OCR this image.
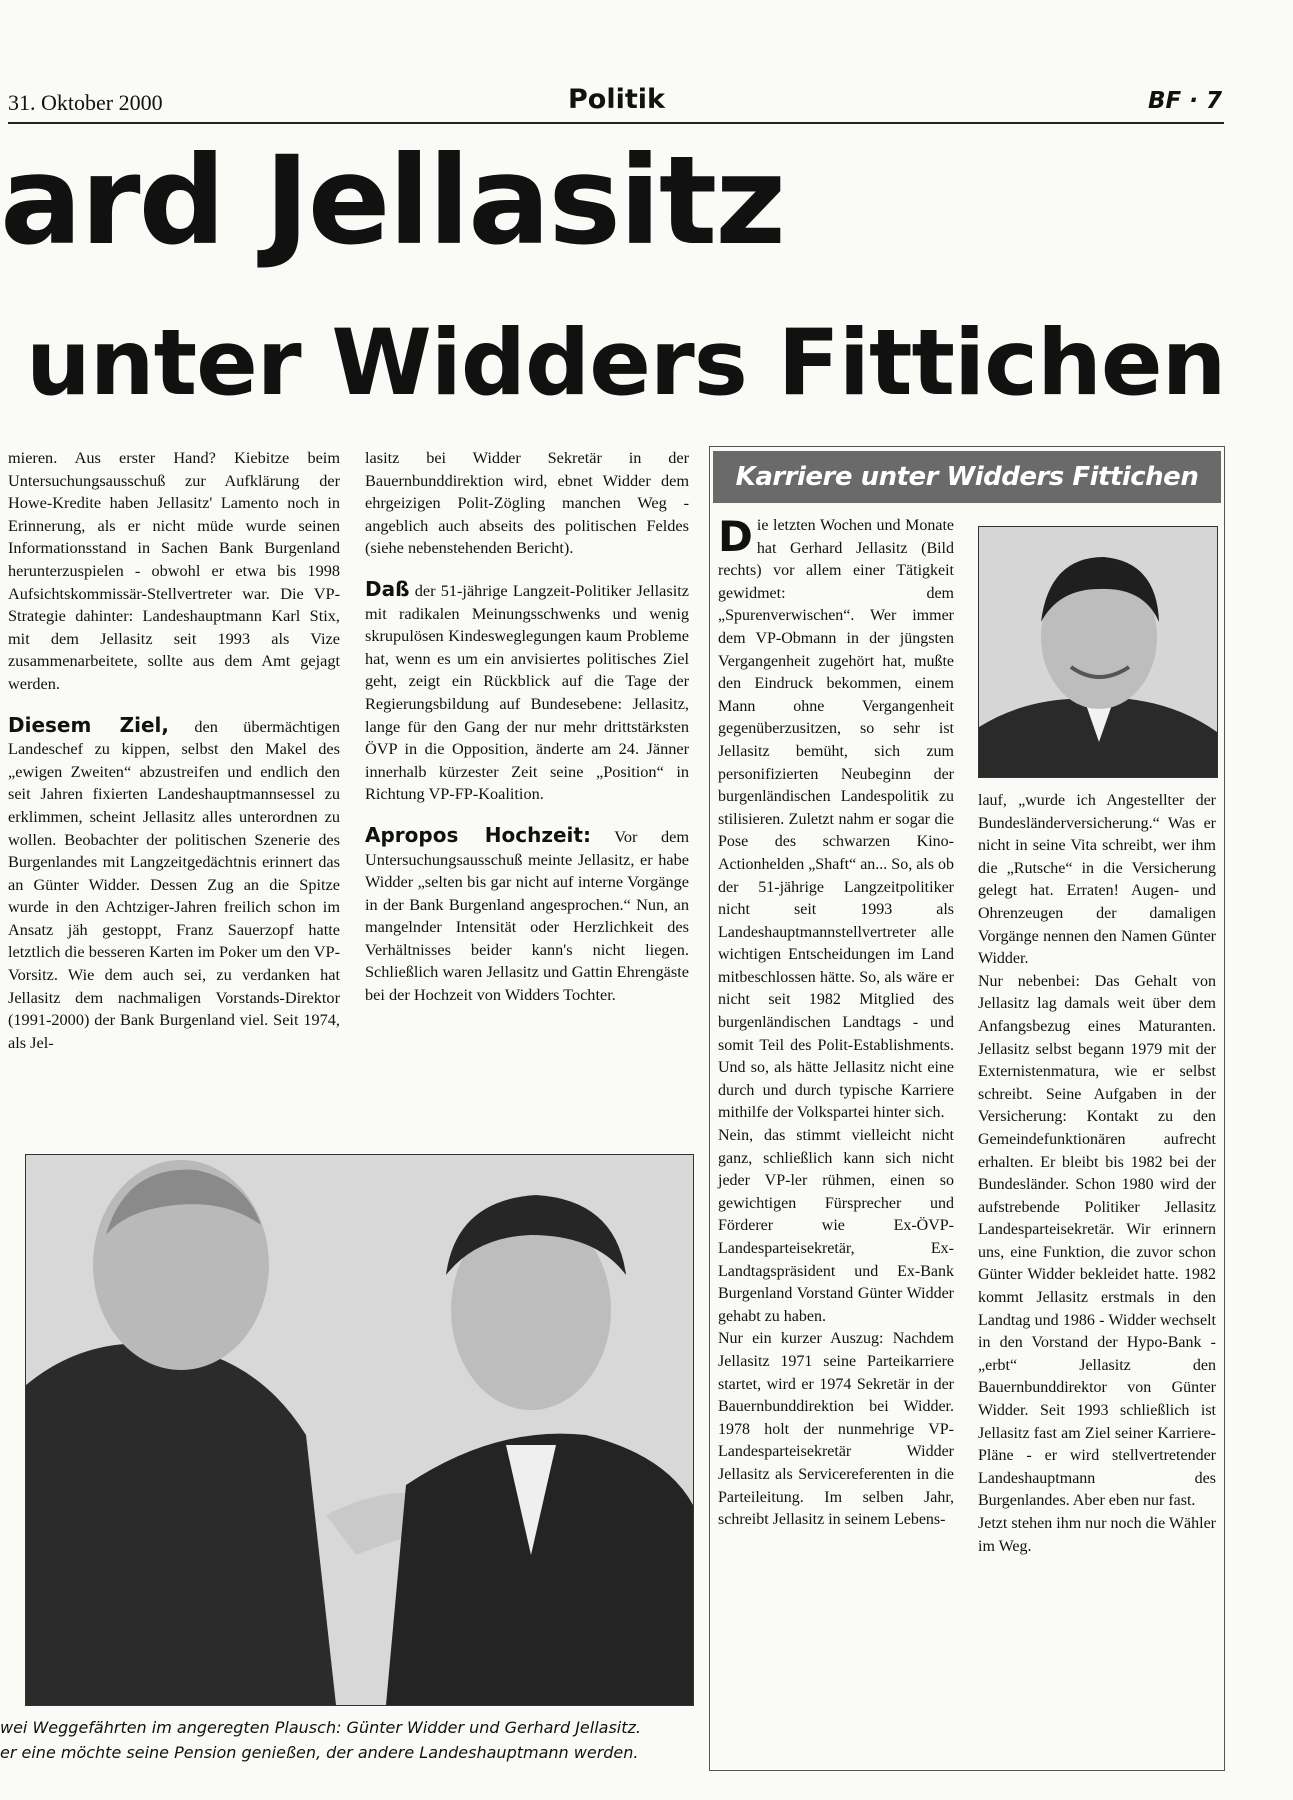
31. Oktober 2000	Politik	BF · 7
ard Jellasitz
unter Widders Fittichen

mieren. Aus erster Hand? Kiebitze beim Untersuchungsausschuß zur Aufklärung der Howe-Kredite haben Jellasitz' Lamento noch in Erinnerung, als er nicht müde wurde seinen Informationsstand in Sachen Bank Burgenland herunterzuspielen - obwohl er etwa bis 1998 Aufsichtskommissär-Stellvertreter war. Die VP-Strategie dahinter: Landeshauptmann Karl Stix, mit dem Jellasitz seit 1993 als Vize zusammenarbeitete, sollte aus dem Amt gejagt werden.

Diesem Ziel, den übermächtigen Landeschef zu kippen, selbst den Makel des „ewigen Zweiten“ abzustreifen und endlich den seit Jahren fixierten Landeshauptmannsessel zu erklimmen, scheint Jellasitz alles unterordnen zu wollen. Beobachter der politischen Szenerie des Burgenlandes mit Langzeitgedächtnis erinnert das an Günter Widder. Dessen Zug an die Spitze wurde in den Achtziger-Jahren freilich schon im Ansatz jäh gestoppt, Franz Sauerzopf hatte letztlich die besseren Karten im Poker um den VP-Vorsitz. Wie dem auch sei, zu verdanken hat Jellasitz dem nachmaligen Vorstands-Direktor (1991-2000) der Bank Burgenland viel. Seit 1974, als Jel-

lasitz bei Widder Sekretär in der Bauernbunddirektion wird, ebnet Widder dem ehrgeizigen Polit-Zögling manchen Weg - angeblich auch abseits des politischen Feldes (siehe nebenstehenden Bericht).

Daß der 51-jährige Langzeit-Politiker Jellasitz mit radikalen Meinungsschwenks und wenig skrupulösen Kindesweglegungen kaum Probleme hat, wenn es um ein anvisiertes politisches Ziel geht, zeigt ein Rückblick auf die Tage der Regierungsbildung auf Bundesebene: Jellasitz, lange für den Gang der nur mehr drittstärksten ÖVP in die Opposition, änderte am 24. Jänner innerhalb kürzester Zeit seine „Position“ in Richtung VP-FP-Koalition.

Apropos Hochzeit: Vor dem Untersuchungsausschuß meinte Jellasitz, er habe Widder „selten bis gar nicht auf interne Vorgänge in der Bank Burgenland angesprochen.“ Nun, an mangelnder Intensität oder Herzlichkeit des Verhältnisses beider kann's nicht liegen. Schließlich waren Jellasitz und Gattin Ehrengäste bei der Hochzeit von Widders Tochter.

Karriere unter Widders Fittichen

Die letzten Wochen und Monate hat Gerhard Jellasitz (Bild rechts) vor allem einer Tätigkeit gewidmet: dem „Spurenverwischen“. Wer immer dem VP-Obmann in der jüngsten Vergangenheit zugehört hat, mußte den Eindruck bekommen, einem Mann ohne Vergangenheit gegenüberzusitzen, so sehr ist Jellasitz bemüht, sich zum personifizierten Neubeginn der burgenländischen Landespolitik zu stilisieren. Zuletzt nahm er sogar die Pose des schwarzen Kino-Actionhelden „Shaft“ an... So, als ob der 51-jährige Langzeitpolitiker nicht seit 1993 als Landeshauptmannstellvertreter alle wichtigen Entscheidungen im Land mitbeschlossen hätte. So, als wäre er nicht seit 1982 Mitglied des burgenländischen Landtags - und somit Teil des Polit-Establishments. Und so, als hätte Jellasitz nicht eine durch und durch typische Karriere mithilfe der Volkspartei hinter sich.

Nein, das stimmt vielleicht nicht ganz, schließlich kann sich nicht jeder VP-ler rühmen, einen so gewichtigen Fürsprecher und Förderer wie Ex-ÖVP-Landesparteisekretär, Ex-Landtagspräsident und Ex-Bank Burgenland Vorstand Günter Widder gehabt zu haben.

Nur ein kurzer Auszug: Nachdem Jellasitz 1971 seine Parteikarriere startet, wird er 1974 Sekretär in der Bauernbunddirektion bei Widder. 1978 holt der nunmehrige VP-Landesparteisekretär Widder Jellasitz als Servicereferenten in die Parteileitung. Im selben Jahr, schreibt Jellasitz in seinem Lebens-

lauf, „wurde ich Angestellter der Bundesländerversicherung.“ Was er nicht in seine Vita schreibt, wer ihm die „Rutsche“ in die Versicherung gelegt hat. Erraten! Augen- und Ohrenzeugen der damaligen Vorgänge nennen den Namen Günter Widder.

Nur nebenbei: Das Gehalt von Jellasitz lag damals weit über dem Anfangsbezug eines Maturanten. Jellasitz selbst begann 1979 mit der Externistenmatura, wie er selbst schreibt. Seine Aufgaben in der Versicherung: Kontakt zu den Gemeindefunktionären aufrecht erhalten. Er bleibt bis 1982 bei der Bundesländer. Schon 1980 wird der aufstrebende Politiker Jellasitz Landesparteisekretär. Wir erinnern uns, eine Funktion, die zuvor schon Günter Widder bekleidet hatte. 1982 kommt Jellasitz erstmals in den Landtag und 1986 - Widder wechselt in den Vorstand der Hypo-Bank - „erbt“ Jellasitz den Bauernbunddirektor von Günter Widder. Seit 1993 schließlich ist Jellasitz fast am Ziel seiner Karriere-Pläne - er wird stellvertretender Landeshauptmann des Burgenlandes. Aber eben nur fast.

Jetzt stehen ihm nur noch die Wähler im Weg.

wei Weggefährten im angeregten Plausch: Günter Widder und Gerhard Jellasitz.
er eine möchte seine Pension genießen, der andere Landeshauptmann werden.
